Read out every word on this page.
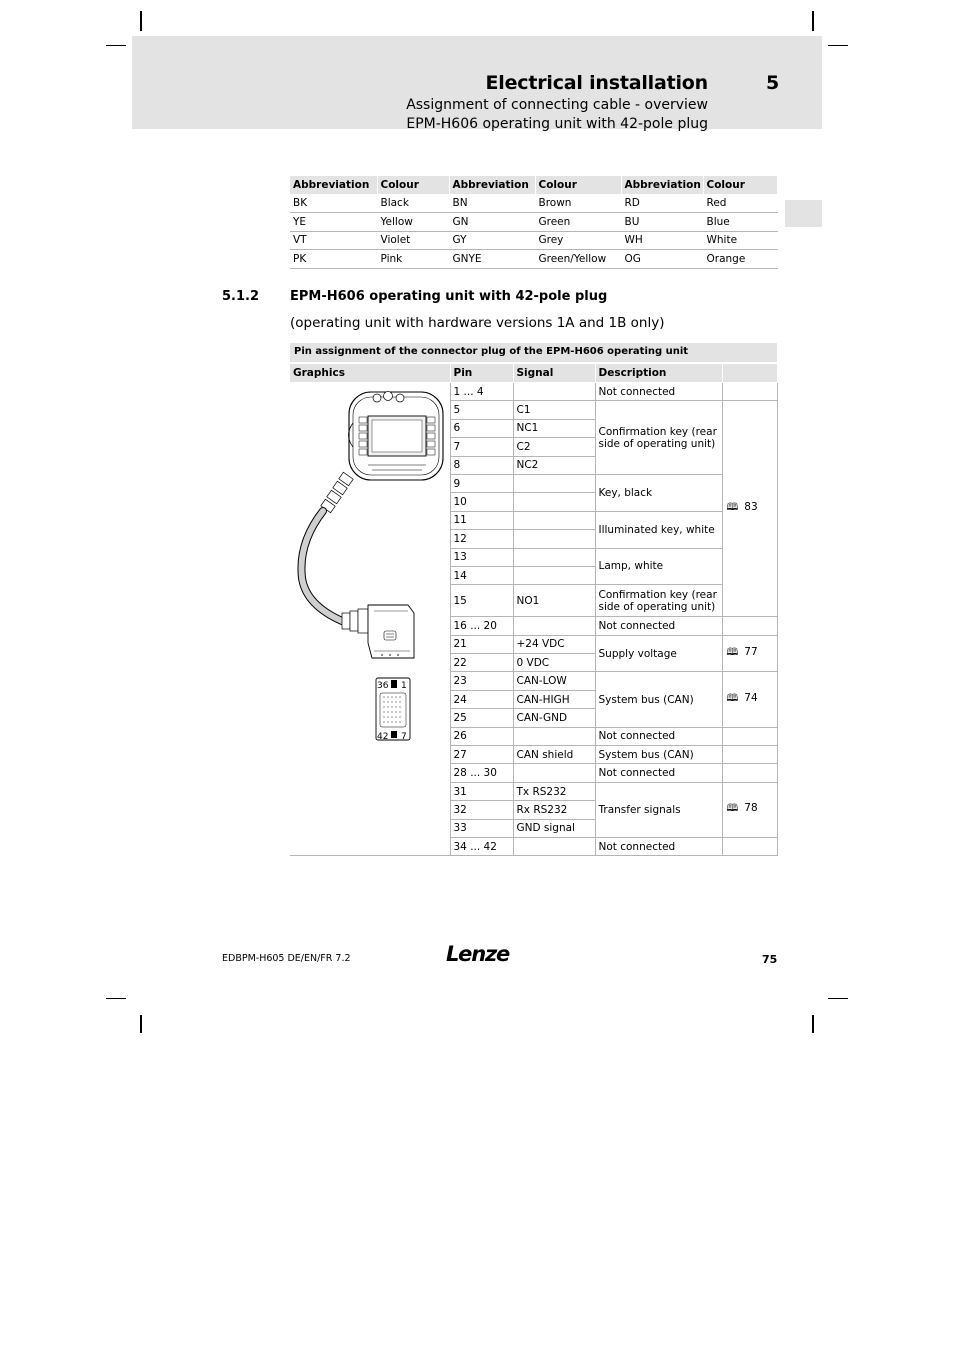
Electrical installation	5
Assignment of connecting cable - overview
EPM-H606 operating unit with 42-pole plug
Abbreviation	Colour	Abbreviation	Colour	Abbreviation	Colour
BK	Black	BN	Brown	RD	Red
YE	Yellow	GN	Green	BU	Blue
VT	Violet	GY	Grey	WH	White
PK	Pink	GNYE	Green/Yellow	OG	Orange
5.1.2 EPM-H606 operating unit with 42-pole plug
(operating unit with hardware versions 1A and 1B only)
Pin assignment of the connector plug of the EPM-H606 operating unit
Graphics	Pin	Signal	Description	

36 1
42 7	1 ... 4		Not connected	
	5	C1	Confirmation key (rear side of operating unit)	🕮 83
	6	NC1		
	7	C2		
	8	NC2		
	9		Key, black	
	10			
	11		Illuminated key, white	
	12			
	13		Lamp, white	
	14			
	15	NO1	Confirmation key (rear side of operating unit)	
	16 ... 20		Not connected	
	21	+24 VDC	Supply voltage	🕮 77
	22	0 VDC		
	23	CAN-LOW	System bus (CAN)	🕮 74
	24	CAN-HIGH		
	25	CAN-GND		
	26		Not connected	
	27	CAN shield	System bus (CAN)	
	28 ... 30		Not connected	
	31	Tx RS232	Transfer signals	🕮 78
	32	Rx RS232		
	33	GND signal		
	34 ... 42		Not connected	
EDBPM-H605 DE/EN/FR 7.2	Lenze	75
